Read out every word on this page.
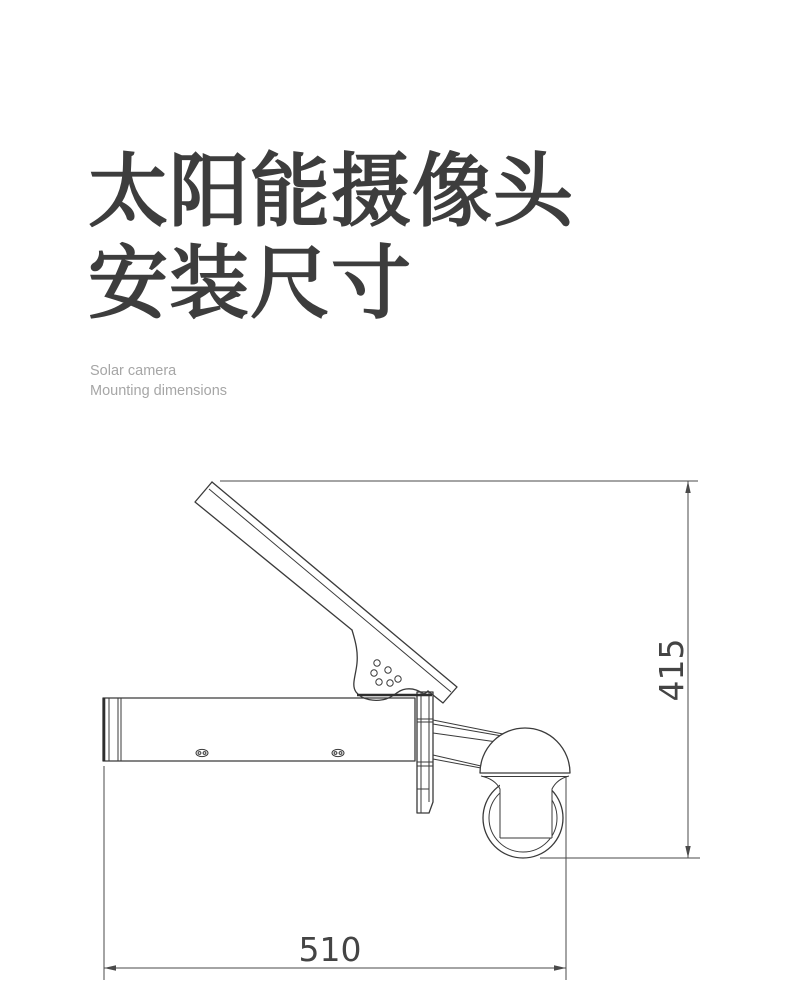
太阳能摄像头
安装尺寸
Solar camera
Mounting dimensions
415
510
